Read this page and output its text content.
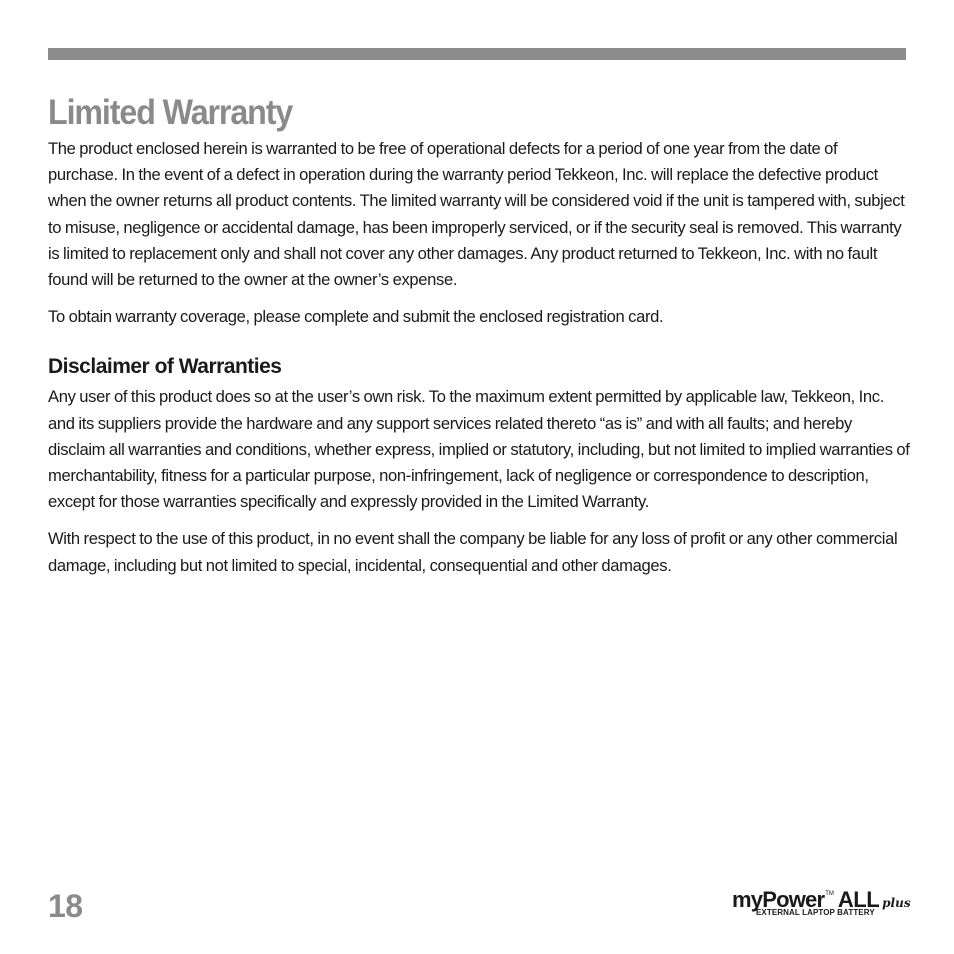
Limited Warranty

The product enclosed herein is warranted to be free of operational defects for a period of one year from the date of purchase. In the event of a defect in operation during the warranty period Tekkeon, Inc. will replace the defective product when the owner returns all product contents. The limited warranty will be considered void if the unit is tampered with, subject to misuse, negligence or accidental damage, has been improperly serviced, or if the security seal is removed. This warranty is limited to replacement only and shall not cover any other damages. Any product returned to Tekkeon, Inc. with no fault found will be returned to the owner at the owner’s expense.

To obtain warranty coverage, please complete and submit the enclosed registration card.

Disclaimer of Warranties

Any user of this product does so at the user’s own risk. To the maximum extent permitted by applicable law, Tekkeon, Inc. and its suppliers provide the hardware and any support services related thereto “as is” and with all faults; and hereby disclaim all warranties and conditions, whether express, implied or statutory, including, but not limited to implied warranties of merchantability, fitness for a particular purpose, non-infringement, lack of negligence or correspondence to description, except for those warranties specifically and expressly provided in the Limited Warranty.

With respect to the use of this product, in no event shall the company be liable for any loss of profit or any other commercial damage, including but not limited to special, incidental, consequential and other damages.

18	myPower™ ALL plus
EXTERNAL LAPTOP BATTERY
